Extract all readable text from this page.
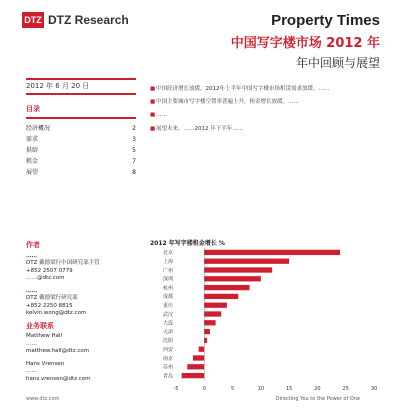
DTZ DTZ Research	Property Times
中国写字楼市场 2012 年
年中回顾与展望
2012 年 6 月 20 日
目录
经济概况	2
需求	3
供给	5
租金	7
展望	8
作者
……
DTZ 戴德梁行中国研究部主管
+852 2507 0779
……@dtz.com
……
DTZ 戴德梁行研究部
+852 2250 8815
kelvin.wong@dtz.com
业务联系
Matthew Hall
……
matthew.hall@dtz.com
Hans Vrensen
……
hans.vrensen@dtz.com
■ 中国经济增长放缓，2012年上半年中国写字楼市场租赁需求放缓。……
■ 中国主要城市写字楼空置率普遍上升，租金增长放缓。……
■ ……
■ 展望未来，……2012 年下半年……
2012 年写字楼租金增长 %
北京
上海
广州
深圳
杭州
成都
重庆
武汉
大连
天津
沈阳
西安
南京
苏州
青岛
-5	0	5	10	15	20	25	30
www.dtz.com	Directing You to the Power of One
